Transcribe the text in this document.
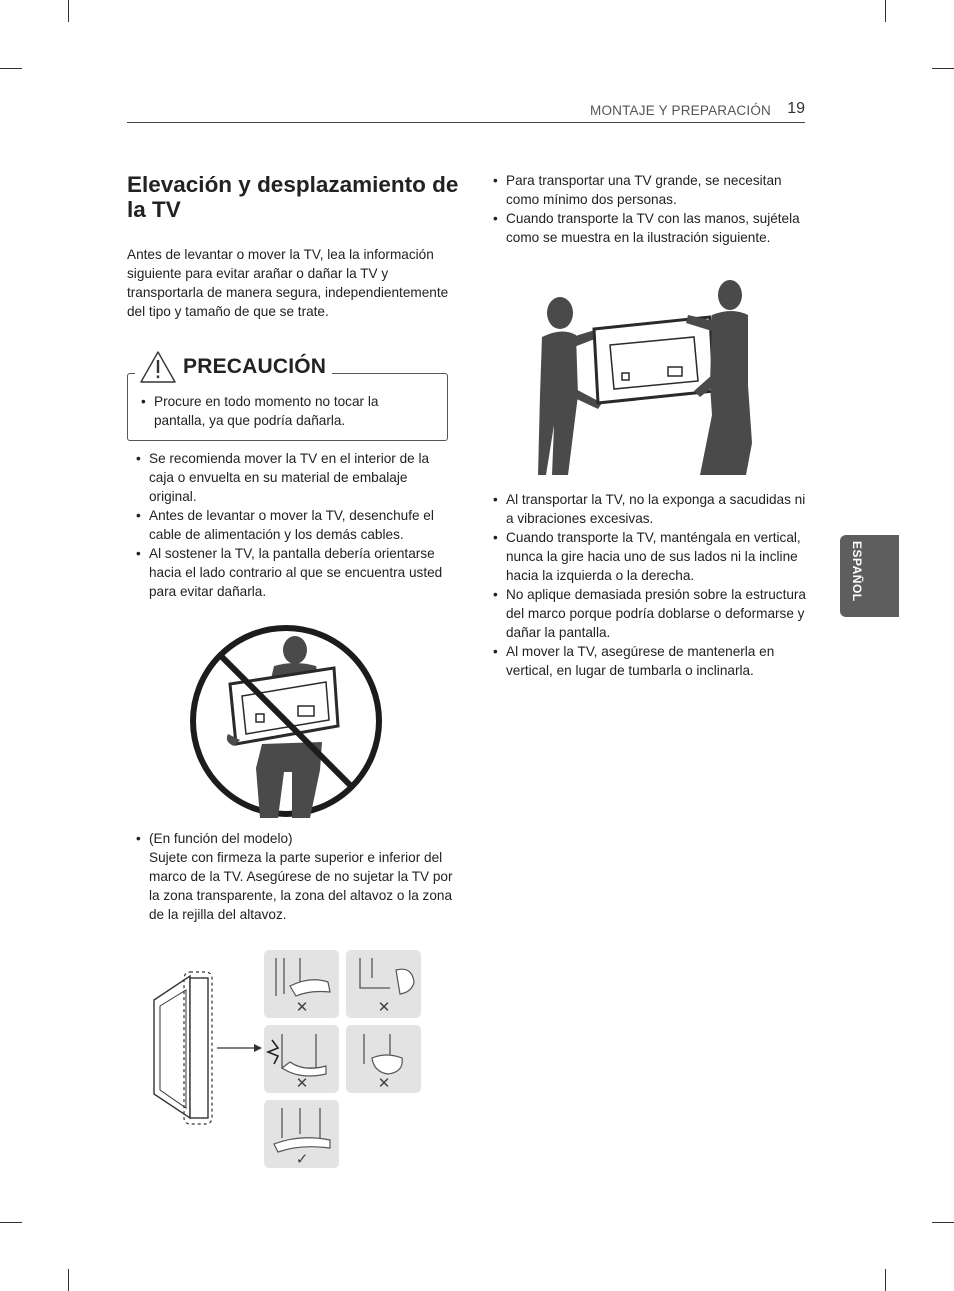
MONTAJE Y PREPARACIÓN 19
ESPAÑOL
Elevación y desplazamiento de la TV

Antes de levantar o mover la TV, lea la información siguiente para evitar arañar o dañar la TV y transportarla de manera segura, independientemente del tipo y tamaño de que se trate.

PRECAUCIÓN
• Procure en todo momento no tocar la pantalla, ya que podría dañarla.
• Se recomienda mover la TV en el interior de la caja o envuelta en su material de embalaje original.
• Antes de levantar o mover la TV, desenchufe el cable de alimentación y los demás cables.
• Al sostener la TV, la pantalla debería orientarse hacia el lado contrario al que se encuentra usted para evitar dañarla.
• (En función del modelo)
Sujete con firmeza la parte superior e inferior del marco de la TV. Asegúrese de no sujetar la TV por la zona transparente, la zona del altavoz o la zona de la rejilla del altavoz.
✕	✕
✕	✕
✓
• Para transportar una TV grande, se necesitan como mínimo dos personas.
• Cuando transporte la TV con las manos, sujétela como se muestra en la ilustración siguiente.
• Al transportar la TV, no la exponga a sacudidas ni a vibraciones excesivas.
• Cuando transporte la TV, manténgala en vertical, nunca la gire hacia uno de sus lados ni la incline hacia la izquierda o la derecha.
• No aplique demasiada presión sobre la estructura del marco porque podría doblarse o deformarse y dañar la pantalla.
• Al mover la TV, asegúrese de mantenerla en vertical, en lugar de tumbarla o inclinarla.
